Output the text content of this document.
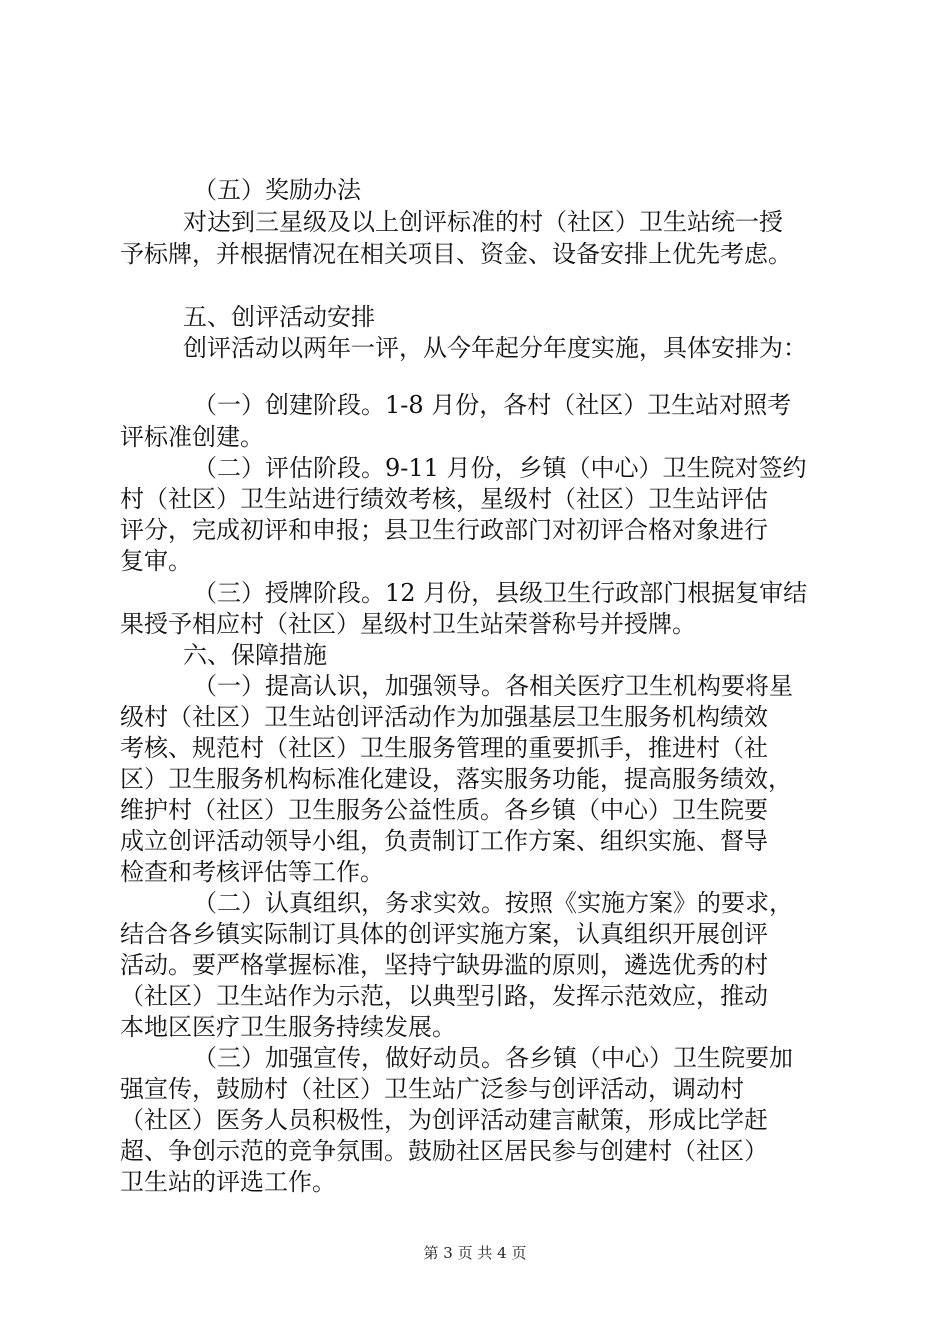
（五）奖励办法
对达到三星级及以上创评标准的村（社区）卫生站统一授
予标牌，并根据情况在相关项目、资金、设备安排上优先考虑。
五、创评活动安排
创评活动以两年一评，从今年起分年度实施，具体安排为：
（一）创建阶段。1-8 月份，各村（社区）卫生站对照考
评标准创建。
（二）评估阶段。9-11 月份，乡镇（中心）卫生院对签约
村（社区）卫生站进行绩效考核，星级村（社区）卫生站评估
评分，完成初评和申报；县卫生行政部门对初评合格对象进行
复审。
（三）授牌阶段。12 月份，县级卫生行政部门根据复审结
果授予相应村（社区）星级村卫生站荣誉称号并授牌。
六、保障措施
（一）提高认识，加强领导。各相关医疗卫生机构要将星
级村（社区）卫生站创评活动作为加强基层卫生服务机构绩效
考核、规范村（社区）卫生服务管理的重要抓手，推进村（社
区）卫生服务机构标准化建设，落实服务功能，提高服务绩效，
维护村（社区）卫生服务公益性质。各乡镇（中心）卫生院要
成立创评活动领导小组，负责制订工作方案、组织实施、督导
检查和考核评估等工作。
（二）认真组织，务求实效。按照《实施方案》的要求，
结合各乡镇实际制订具体的创评实施方案，认真组织开展创评
活动。要严格掌握标准，坚持宁缺毋滥的原则，遴选优秀的村
（社区）卫生站作为示范，以典型引路，发挥示范效应，推动
本地区医疗卫生服务持续发展。
（三）加强宣传，做好动员。各乡镇（中心）卫生院要加
强宣传，鼓励村（社区）卫生站广泛参与创评活动，调动村
（社区）医务人员积极性，为创评活动建言献策，形成比学赶
超、争创示范的竞争氛围。鼓励社区居民参与创建村（社区）
卫生站的评选工作。
第 3 页 共 4 页
